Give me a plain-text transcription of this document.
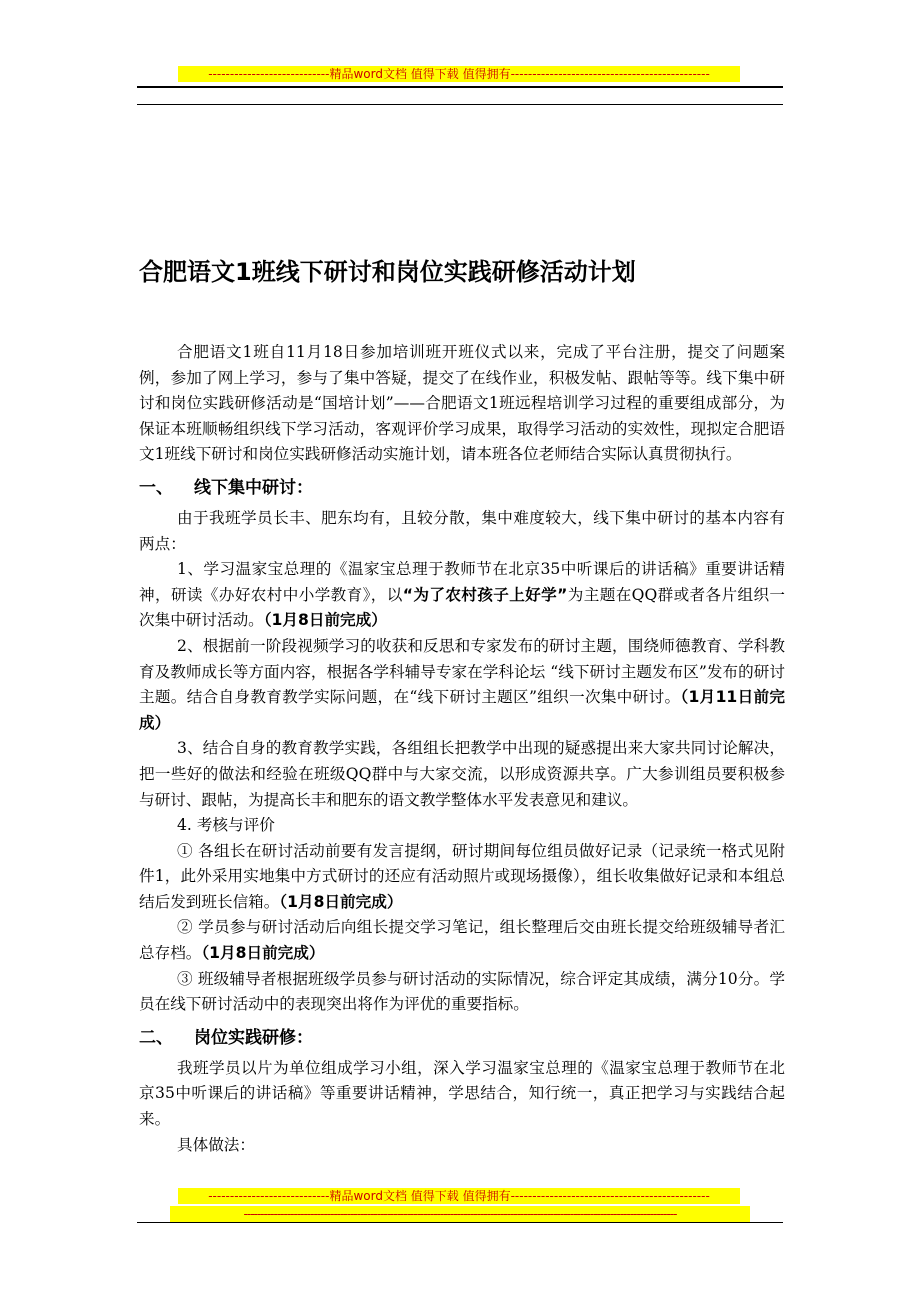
----------------------------精品word文档 值得下载 值得拥有----------------------------------------------
合肥语文1班线下研讨和岗位实践研修活动计划

合肥语文1班自11月18日参加培训班开班仪式以来，完成了平台注册，提交了问题案例，参加了网上学习，参与了集中答疑，提交了在线作业，积极发帖、跟帖等等。线下集中研讨和岗位实践研修活动是“国培计划”——合肥语文1班远程培训学习过程的重要组成部分，为保证本班顺畅组织线下学习活动，客观评价学习成果，取得学习活动的实效性，现拟定合肥语文1班线下研讨和岗位实践研修活动实施计划，请本班各位老师结合实际认真贯彻执行。

一、 线下集中研讨：

由于我班学员长丰、肥东均有，且较分散，集中难度较大，线下集中研讨的基本内容有两点：

1、学习温家宝总理的《温家宝总理于教师节在北京35中听课后的讲话稿》重要讲话精神，研读《办好农村中小学教育》，以“为了农村孩子上好学”为主题在QQ群或者各片组织一次集中研讨活动。（1月8日前完成）

2、根据前一阶段视频学习的收获和反思和专家发布的研讨主题，围绕师德教育、学科教育及教师成长等方面内容，根据各学科辅导专家在学科论坛 “线下研讨主题发布区”发布的研讨主题。结合自身教育教学实际问题，在“线下研讨主题区”组织一次集中研讨。（1月11日前完成）

3、结合自身的教育教学实践，各组组长把教学中出现的疑惑提出来大家共同讨论解决，把一些好的做法和经验在班级QQ群中与大家交流，以形成资源共享。广大参训组员要积极参与研讨、跟帖，为提高长丰和肥东的语文教学整体水平发表意见和建议。

4. 考核与评价

① 各组长在研讨活动前要有发言提纲，研讨期间每位组员做好记录（记录统一格式见附件1，此外采用实地集中方式研讨的还应有活动照片或现场摄像），组长收集做好记录和本组总结后发到班长信箱。（1月8日前完成）

② 学员参与研讨活动后向组长提交学习笔记，组长整理后交由班长提交给班级辅导者汇总存档。（1月8日前完成）

③ 班级辅导者根据班级学员参与研讨活动的实际情况，综合评定其成绩，满分10分。学员在线下研讨活动中的表现突出将作为评优的重要指标。

二、 岗位实践研修：

我班学员以片为单位组成学习小组，深入学习温家宝总理的《温家宝总理于教师节在北京35中听课后的讲话稿》等重要讲话精神，学思结合，知行统一，真正把学习与实践结合起来。

具体做法：

----------------------------精品word文档 值得下载 值得拥有----------------------------------------------
----------------------------------------------------------------------------------------------------------------------------------
